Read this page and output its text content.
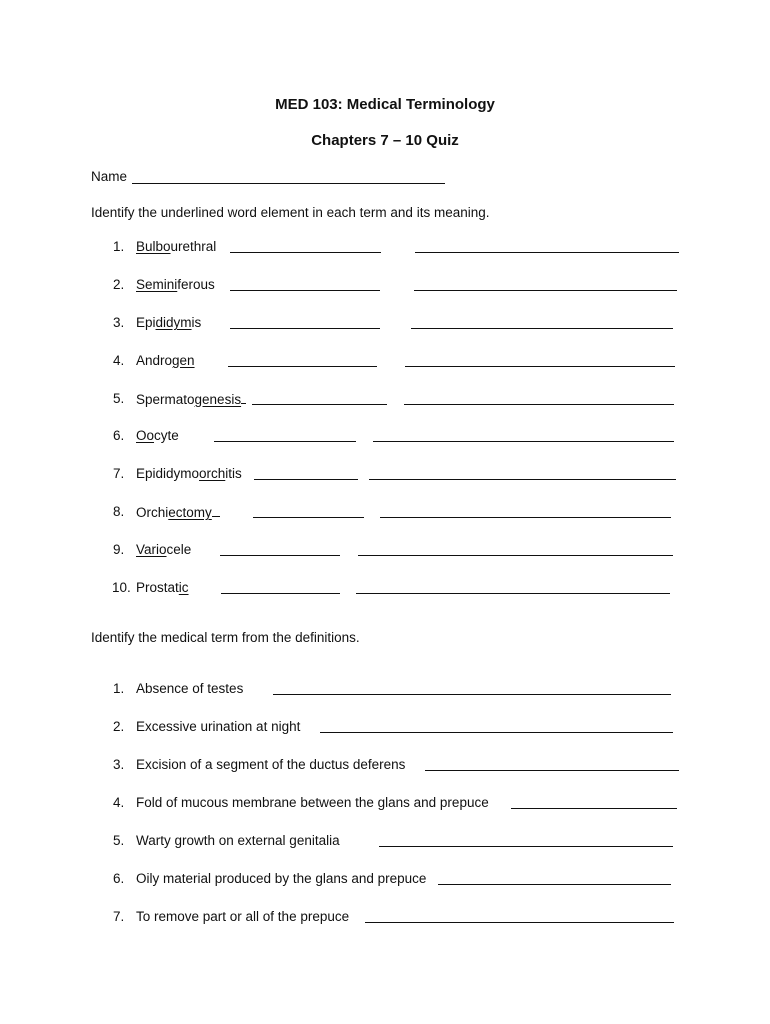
MED 103: Medical Terminology
Chapters 7 – 10 Quiz
Name
Identify the underlined word element in each term and its meaning.
1. Bulbourethral
2. Seminiferous
3. Epididymis
4. Androgen
5. Spermatogenesis
6. Oocyte
7. Epididymoorchitis
8. Orchiectomy
9. Variocele
10. Prostatic
Identify the medical term from the definitions.
1. Absence of testes
2. Excessive urination at night
3. Excision of a segment of the ductus deferens
4. Fold of mucous membrane between the glans and prepuce
5. Warty growth on external genitalia
6. Oily material produced by the glans and prepuce
7. To remove part or all of the prepuce
